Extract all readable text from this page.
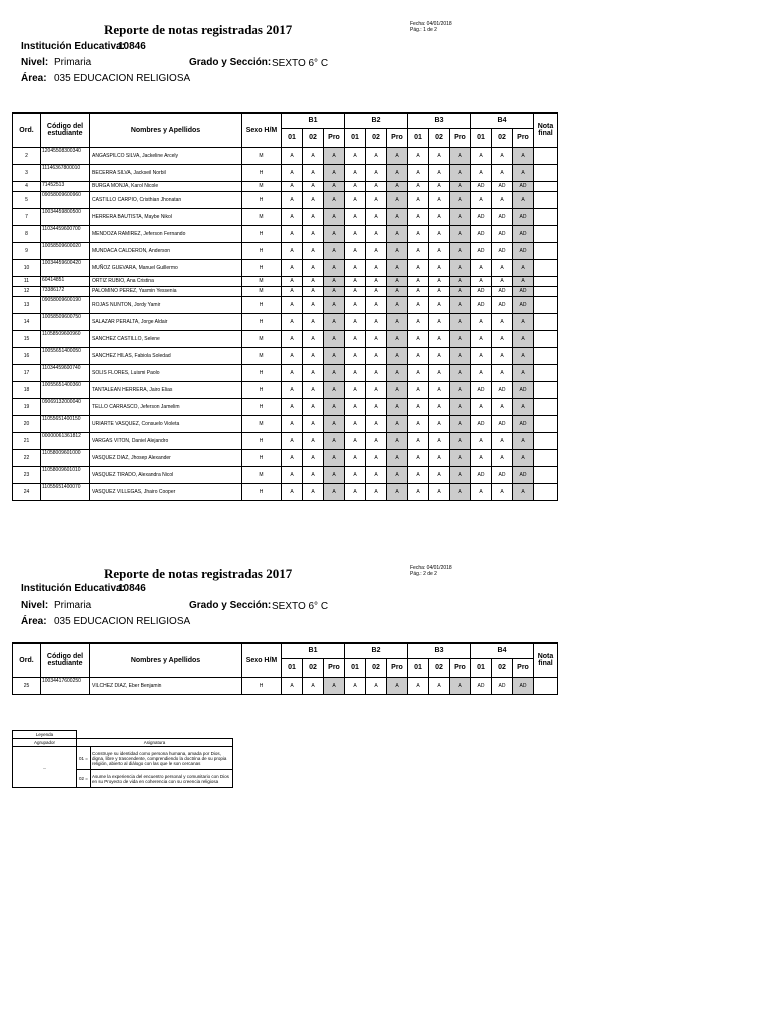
Reporte de notas registradas 2017	Fecha: 04/01/2018
Pág.: 1 de 2
Institución Educativa:
10846
Nivel: Primaria	Grado y Sección: SEXTO 6° C
Área: 035 EDUCACION RELIGIOSA
Ord.	Código del estudiante	Nombres y Apellidos	Sexo H/M	B1			B2			B3			B4			Nota final
				01	02	Pro	01	02	Pro	01	02	Pro	01	02	Pro	
2	12045508300340	ANGASPILCO SILVA, Jackeline Arcely	M	A	A	A	A	A	A	A	A	A	A	A	A	
3	11146367800010	BECERRA SILVA, Jackseil Norbil	H	A	A	A	A	A	A	A	A	A	A	A	A	
4	71452513	BURGA MONJA, Karol Nicole	M	A	A	A	A	A	A	A	A	A	AD	AD	AD	
5	09058009600960	CASTILLO CARPIO, Cristhian Jhonatan	H	A	A	A	A	A	A	A	A	A	A	A	A	
7	10034459800500	HERRERA BAUTISTA, Maybe Nikol	M	A	A	A	A	A	A	A	A	A	AD	AD	AD	
8	11034459600700	MENDOZA RAMIREZ, Jeferson Fernando	H	A	A	A	A	A	A	A	A	A	AD	AD	AD	
9	10058509600020	MUNDACA CALDERON, Anderson	H	A	A	A	A	A	A	A	A	A	AD	AD	AD	
10	10034459600420	MUÑOZ GUEVARA, Manuel Guillermo	H	A	A	A	A	A	A	A	A	A	A	A	A	
11	60414851	ORTIZ RUBIO, Ana Cristina	M	A	A	A	A	A	A	A	A	A	A	A	A	
12	73386172	PALOMINO PEREZ, Yasmin Yessenia	M	A	A	A	A	A	A	A	A	A	AD	AD	AD	
13	09058009600190	ROJAS NUNTON, Jordy Yamir	H	A	A	A	A	A	A	A	A	A	AD	AD	AD	
14	10058509600750	SALAZAR PERALTA, Jorge Aldair	H	A	A	A	A	A	A	A	A	A	A	A	A	
15	11058509600960	SANCHEZ CASTILLO, Selene	M	A	A	A	A	A	A	A	A	A	A	A	A	
16	10055651400050	SANCHEZ HILAS, Fabiola Soledad	M	A	A	A	A	A	A	A	A	A	A	A	A	
17	11034459600740	SOLIS FLORES, Luismi Paolo	H	A	A	A	A	A	A	A	A	A	A	A	A	
18	10055651400360	TANTALEAN HERRERA, Jairo Elias	H	A	A	A	A	A	A	A	A	A	AD	AD	AD	
19	09069132000040	TELLO CARRASCO, Jeferson Jamelim	H	A	A	A	A	A	A	A	A	A	A	A	A	
20	11055651400150	URIARTE VASQUEZ, Consuelo Violeta	M	A	A	A	A	A	A	A	A	A	AD	AD	AD	
21	00000061361812	VARGAS VITON, Daniel Alejandro	H	A	A	A	A	A	A	A	A	A	A	A	A	
22	11058009601000	VASQUEZ DIAZ, Jhosep Alexander	H	A	A	A	A	A	A	A	A	A	A	A	A	
23	11058009601010	VASQUEZ TIRADO, Alexandra Nicol	M	A	A	A	A	A	A	A	A	A	AD	AD	AD	
24	11055651400070	VASQUEZ VILLEGAS, Jhairo Cooper	H	A	A	A	A	A	A	A	A	A	A	A	A	
Reporte de notas registradas 2017	Fecha: 04/01/2018
Pág.: 2 de 2
Institución Educativa:
10846
Nivel: Primaria	Grado y Sección: SEXTO 6° C
Área: 035 EDUCACION RELIGIOSA
Ord.	Código del estudiante	Nombres y Apellidos	Sexo H/M	B1			B2			B3			B4			Nota final
				01	02	Pro	01	02	Pro	01	02	Pro	01	02	Pro	
25	10034417600250	VILCHEZ DIAZ, Eber Benjamin	H	A	A	A	A	A	A	A	A	A	AD	AD	AD	
Leyenda		
Agrupador	Asignatura	
...	01 =	Construye su identidad como persona humana, amada por Dios, digna, libre y trascendente, comprendiendo la doctrina de su propia religión, abierto al diálogo con las que le son cercanas
	02 =	Asume la experiencia del encuentro personal y comunitario con Dios en su Proyecto de vida en coherencia con su creencia religiosa
